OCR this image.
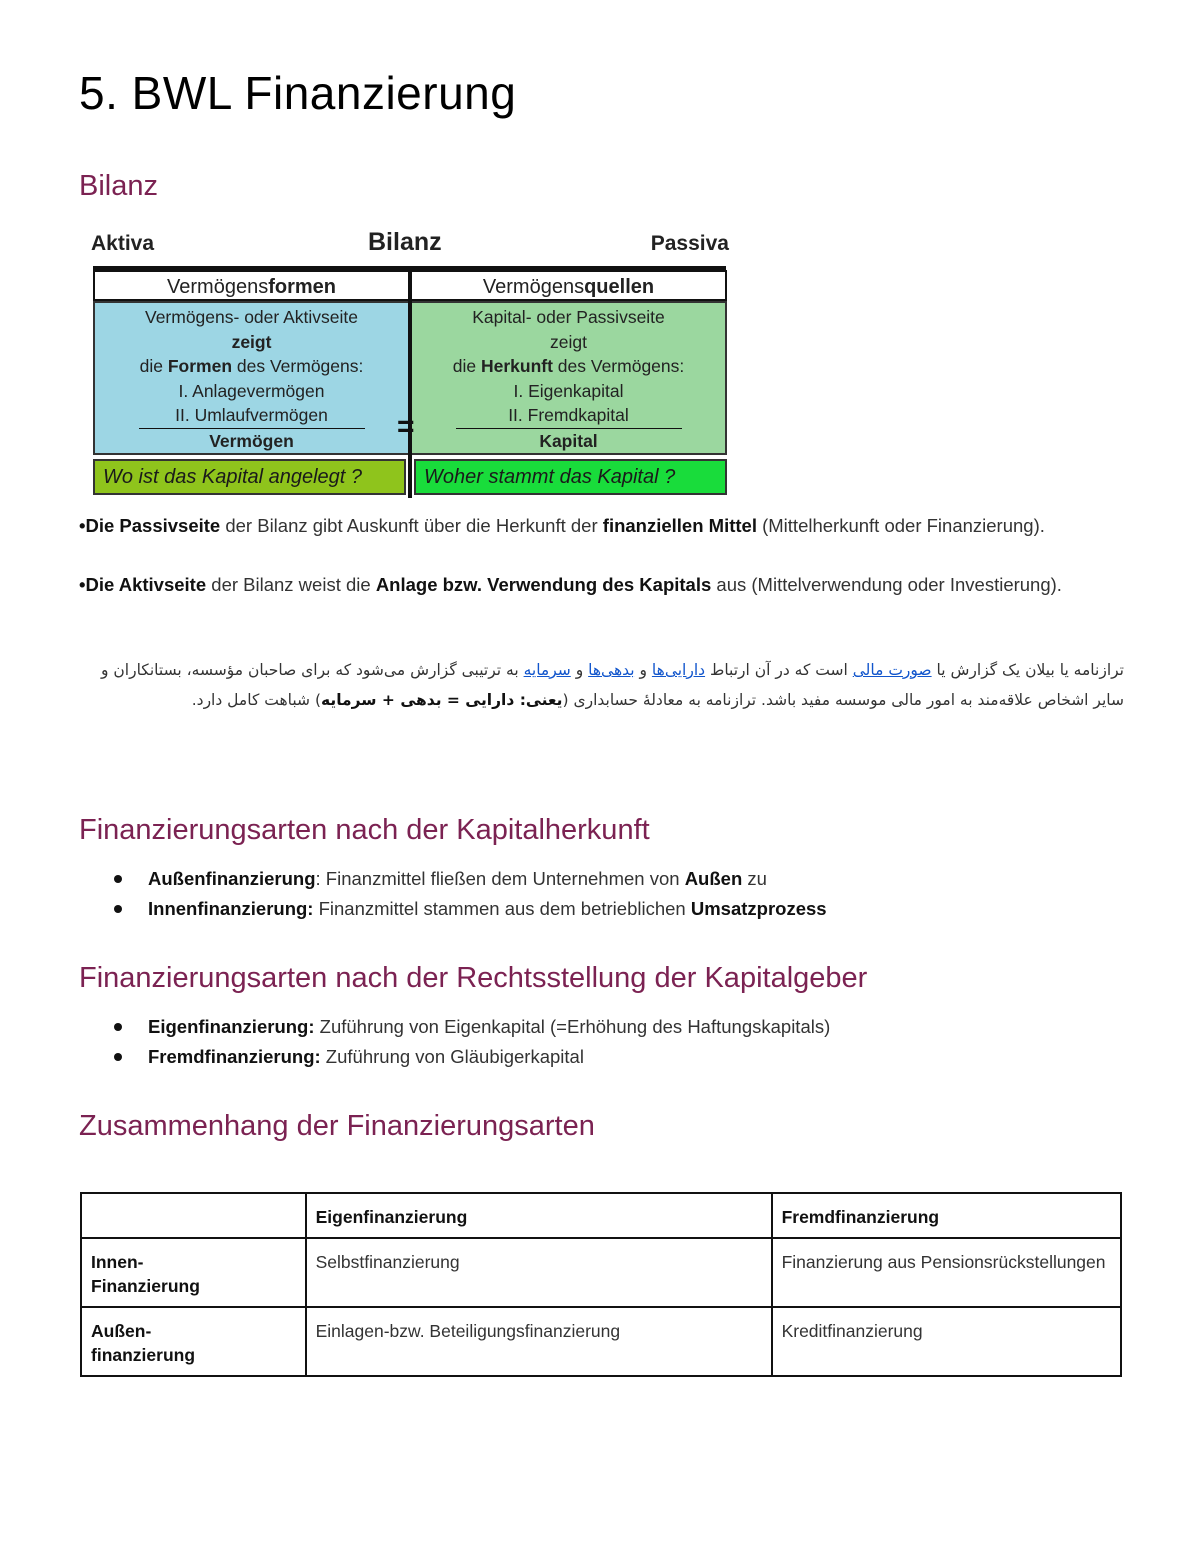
5. BWL Finanzierung
Bilanz
Aktiva	Bilanz	Passiva
Vermögensformen	Vermögensquellen
Vermögens- oder Aktivseite
zeigt
die Formen des Vermögens:
I. Anlagevermögen
II. Umlaufvermögen
Vermögen
Kapital- oder Passivseite
zeigt
die Herkunft des Vermögens:
I. Eigenkapital
II. Fremdkapital
Kapital
=
Wo ist das Kapital angelegt ?	Woher stammt das Kapital ?

•Die Passivseite der Bilanz gibt Auskunft über die Herkunft der finanziellen Mittel (Mittelherkunft oder Finanzierung).

•Die Aktivseite der Bilanz weist die Anlage bzw. Verwendung des Kapitals aus (Mittelverwendung oder Investierung).

ترازنامه یا بیلان یک گزارش یا صورت مالی است که در آن ارتباط دارایی‌ها و بدهی‌ها و سرمایه به ترتیبی گزارش می‌شود که برای صاحبان مؤسسه، بستانکاران و سایر اشخاص علاقه‌مند به امور مالی موسسه مفید باشد. ترازنامه به معادلهٔ حسابداری (یعنی: دارایی = بدهی + سرمایه) شباهت کامل دارد.

Finanzierungsarten nach der Kapitalherkunft
Außenfinanzierung: Finanzmittel fließen dem Unternehmen von Außen zu
Innenfinanzierung: Finanzmittel stammen aus dem betrieblichen Umsatzprozess
Finanzierungsarten nach der Rechtsstellung der Kapitalgeber
Eigenfinanzierung: Zuführung von Eigenkapital (=Erhöhung des Haftungskapitals)
Fremdfinanzierung: Zuführung von Gläubigerkapital
Zusammenhang der Finanzierungsarten
	Eigenfinanzierung	Fremdfinanzierung
Innen-
Finanzierung	Selbstfinanzierung	Finanzierung aus Pensionsrückstellungen
Außen-
finanzierung	Einlagen-bzw. Beteiligungsfinanzierung	Kreditfinanzierung
